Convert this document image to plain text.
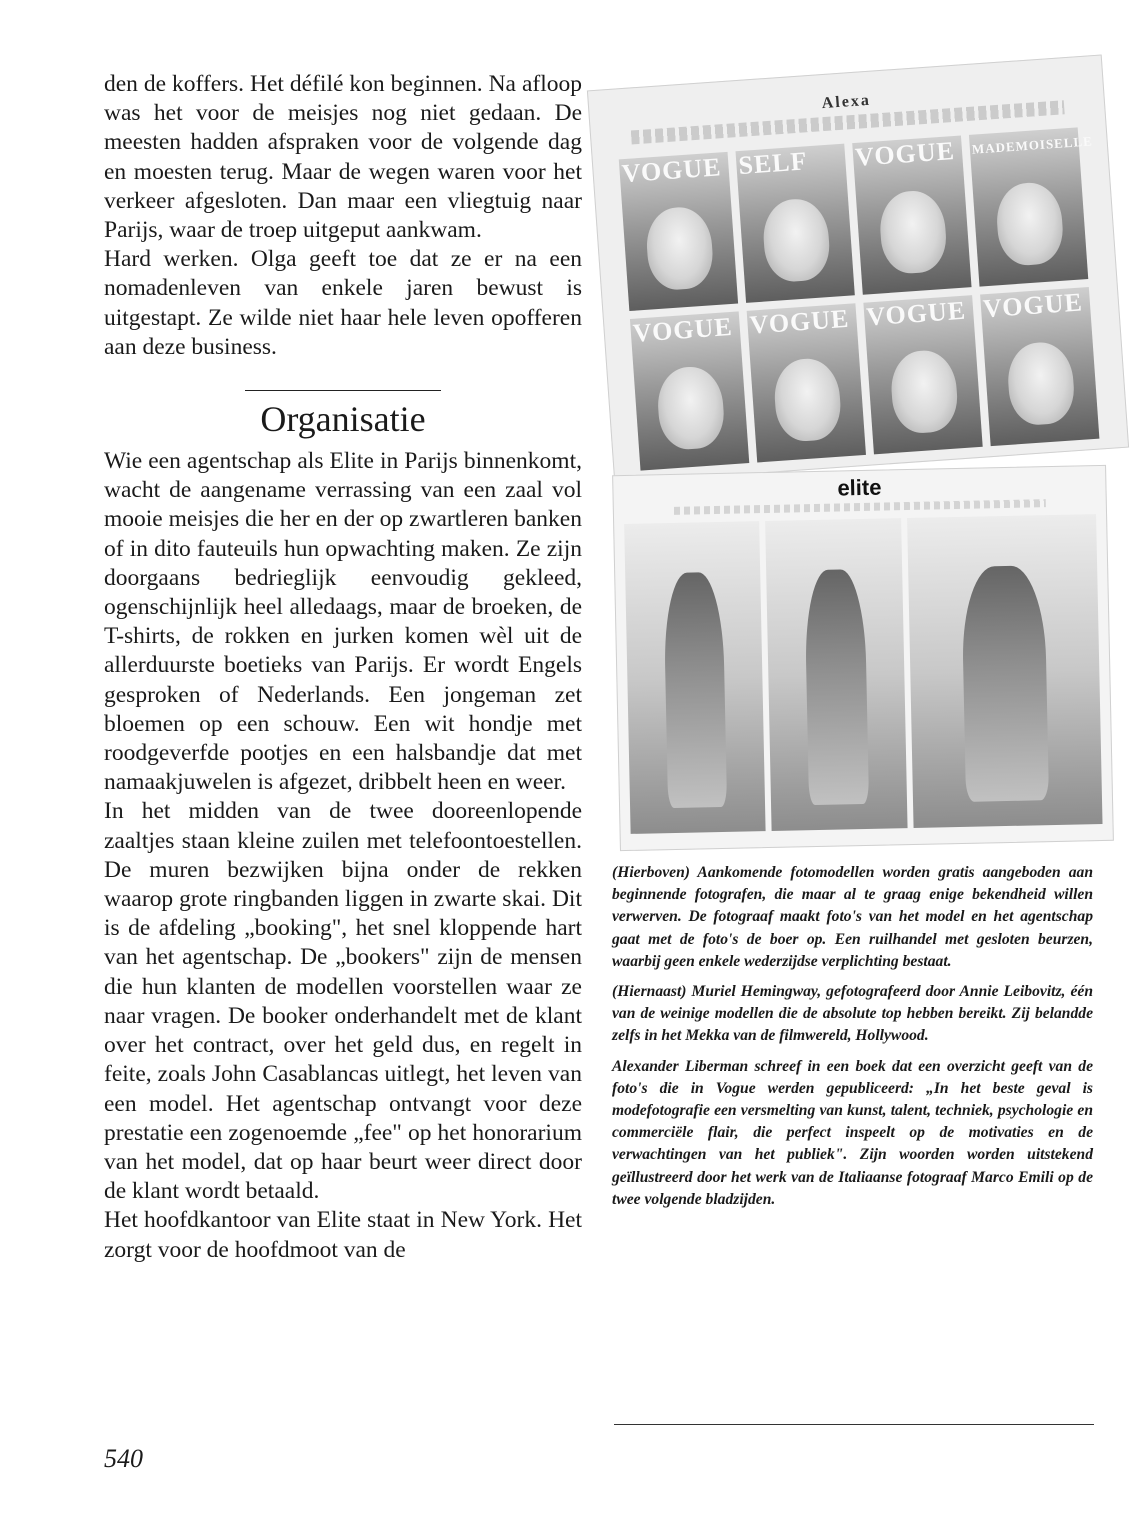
den de koffers. Het défilé kon beginnen. Na afloop was het voor de meisjes nog niet gedaan. De meesten hadden afspraken voor de volgende dag en moesten terug. Maar de wegen waren voor het verkeer afgesloten. Dan maar een vliegtuig naar Parijs, waar de troep uitgeput aankwam.

Hard werken. Olga geeft toe dat ze er na een nomadenleven van enkele jaren bewust is uitgestapt. Ze wilde niet haar hele leven opofferen aan deze business.

Organisatie

Wie een agentschap als Elite in Parijs binnenkomt, wacht de aangename verrassing van een zaal vol mooie meisjes die her en der op zwartleren banken of in dito fauteuils hun opwachting maken. Ze zijn doorgaans bedrieglijk eenvoudig gekleed, ogenschijnlijk heel alledaags, maar de broeken, de T-shirts, de rokken en jurken komen wèl uit de allerduurste boetieks van Parijs. Er wordt Engels gesproken of Nederlands. Een jongeman zet bloemen op een schouw. Een wit hondje met roodgeverfde pootjes en een halsbandje dat met namaakjuwelen is afgezet, dribbelt heen en weer.

In het midden van de twee dooreenlopende zaaltjes staan kleine zuilen met telefoontoestellen. De muren bezwijken bijna onder de rekken waarop grote ringbanden liggen in zwarte skai. Dit is de afdeling „booking", het snel kloppende hart van het agentschap. De „bookers" zijn de mensen die hun klanten de modellen voorstellen waar ze naar vragen. De booker onderhandelt met de klant over het contract, over het geld dus, en regelt in feite, zoals John Casablancas uitlegt, het leven van een model. Het agentschap ontvangt voor deze prestatie een zogenoemde „fee" op het honorarium van het model, dat op haar beurt weer direct door de klant wordt betaald.

Het hoofdkantoor van Elite staat in New York. Het zorgt voor de hoofdmoot van de

540
Alexa
VOGUE SELF	VOGUE	MADEMOISELLE
VOGUE VOGUE VOGUE VOGUE
elite

(Hierboven) Aankomende fotomodellen worden gratis aangeboden aan beginnende fotografen, die maar al te graag enige bekendheid willen verwerven. De fotograaf maakt foto's van het model en het agentschap gaat met de foto's de boer op. Een ruilhandel met gesloten beurzen, waarbij geen enkele wederzijdse verplichting bestaat.

(Hiernaast) Muriel Hemingway, gefotografeerd door Annie Leibovitz, één van de weinige modellen die de absolute top hebben bereikt. Zij belandde zelfs in het Mekka van de filmwereld, Hollywood.

Alexander Liberman schreef in een boek dat een overzicht geeft van de foto's die in Vogue werden gepubliceerd: „In het beste geval is modefotografie een versmelting van kunst, talent, techniek, psychologie en commerciële flair, die perfect inspeelt op de motivaties en de verwachtingen van het publiek". Zijn woorden worden uitstekend geïllustreerd door het werk van de Italiaanse fotograaf Marco Emili op de twee volgende bladzijden.
